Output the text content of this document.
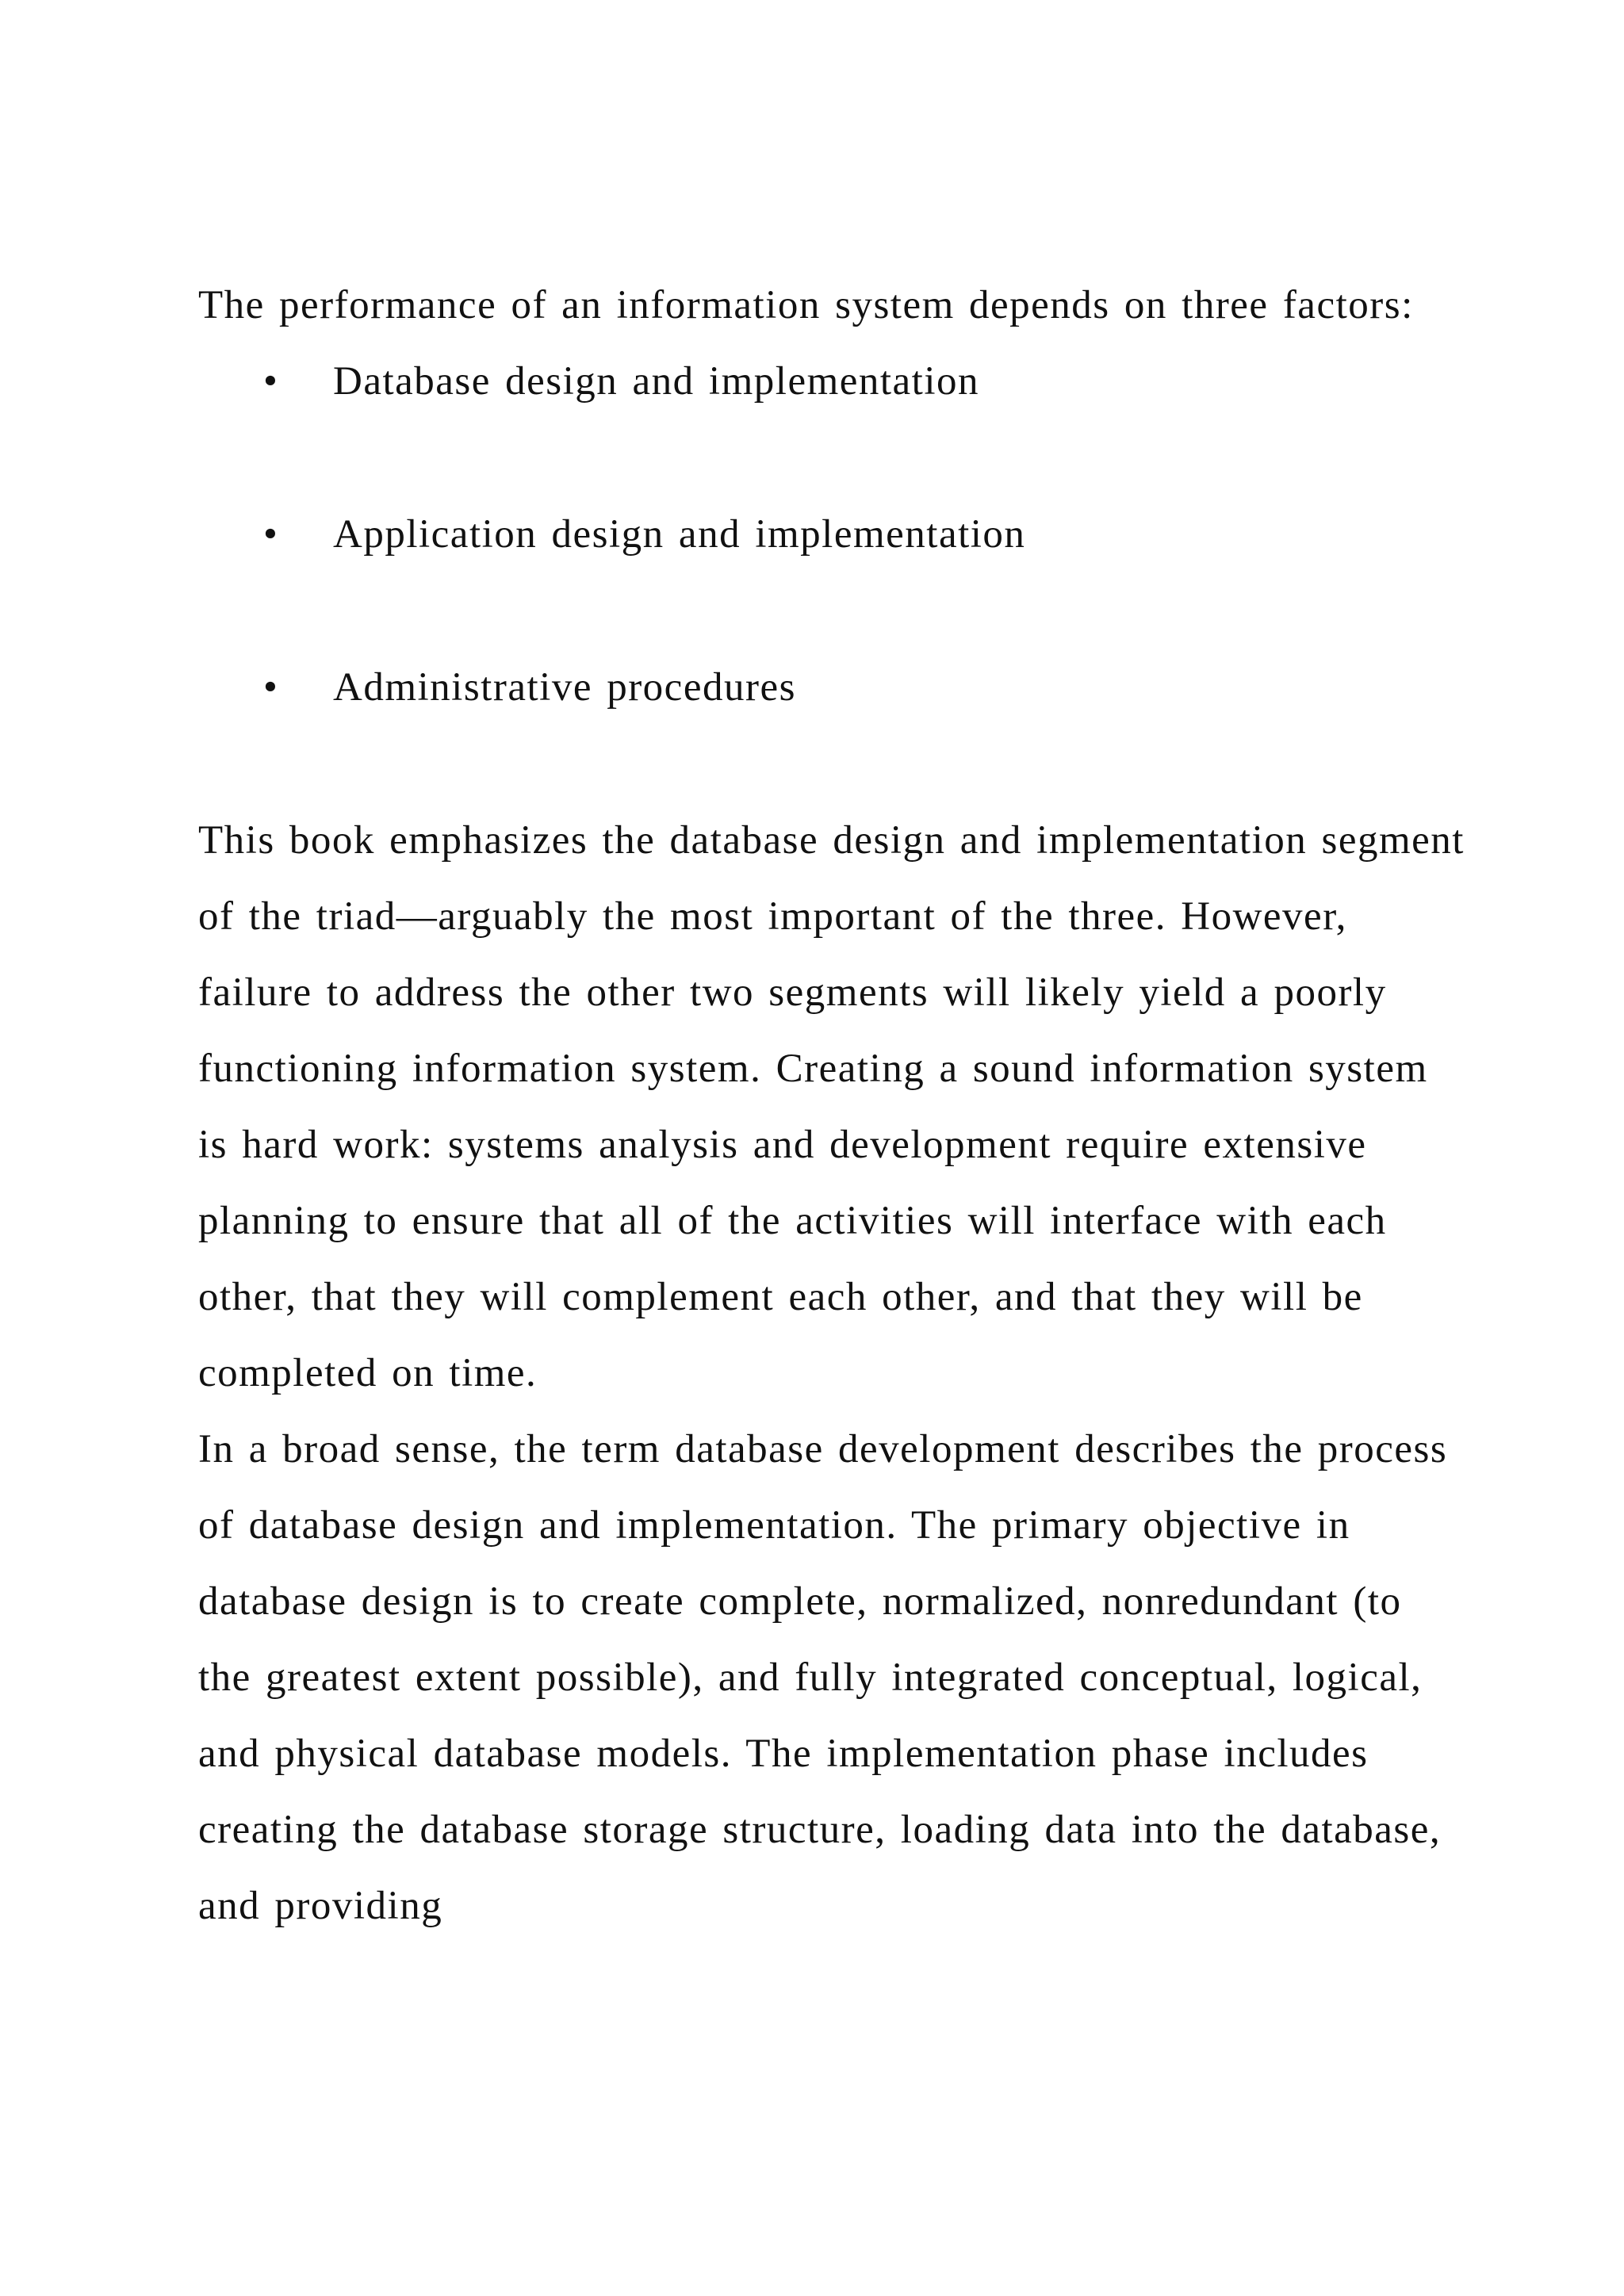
The performance of an information system depends on three factors:

• Database design and implementation
• Application design and implementation
• Administrative procedures

This book emphasizes the database design and implementation segment of the triad—arguably the most important of the three. However, failure to address the other two segments will likely yield a poorly functioning information system. Creating a sound information system is hard work: systems analysis and development require extensive planning to ensure that all of the activities will interface with each other, that they will complement each other, and that they will be completed on time.

In a broad sense, the term database development describes the process of database design and implementation. The primary objective in database design is to create complete, normalized, nonredundant (to the greatest extent possible), and fully integrated conceptual, logical, and physical database models. The implementation phase includes creating the database storage structure, loading data into the database, and providing
